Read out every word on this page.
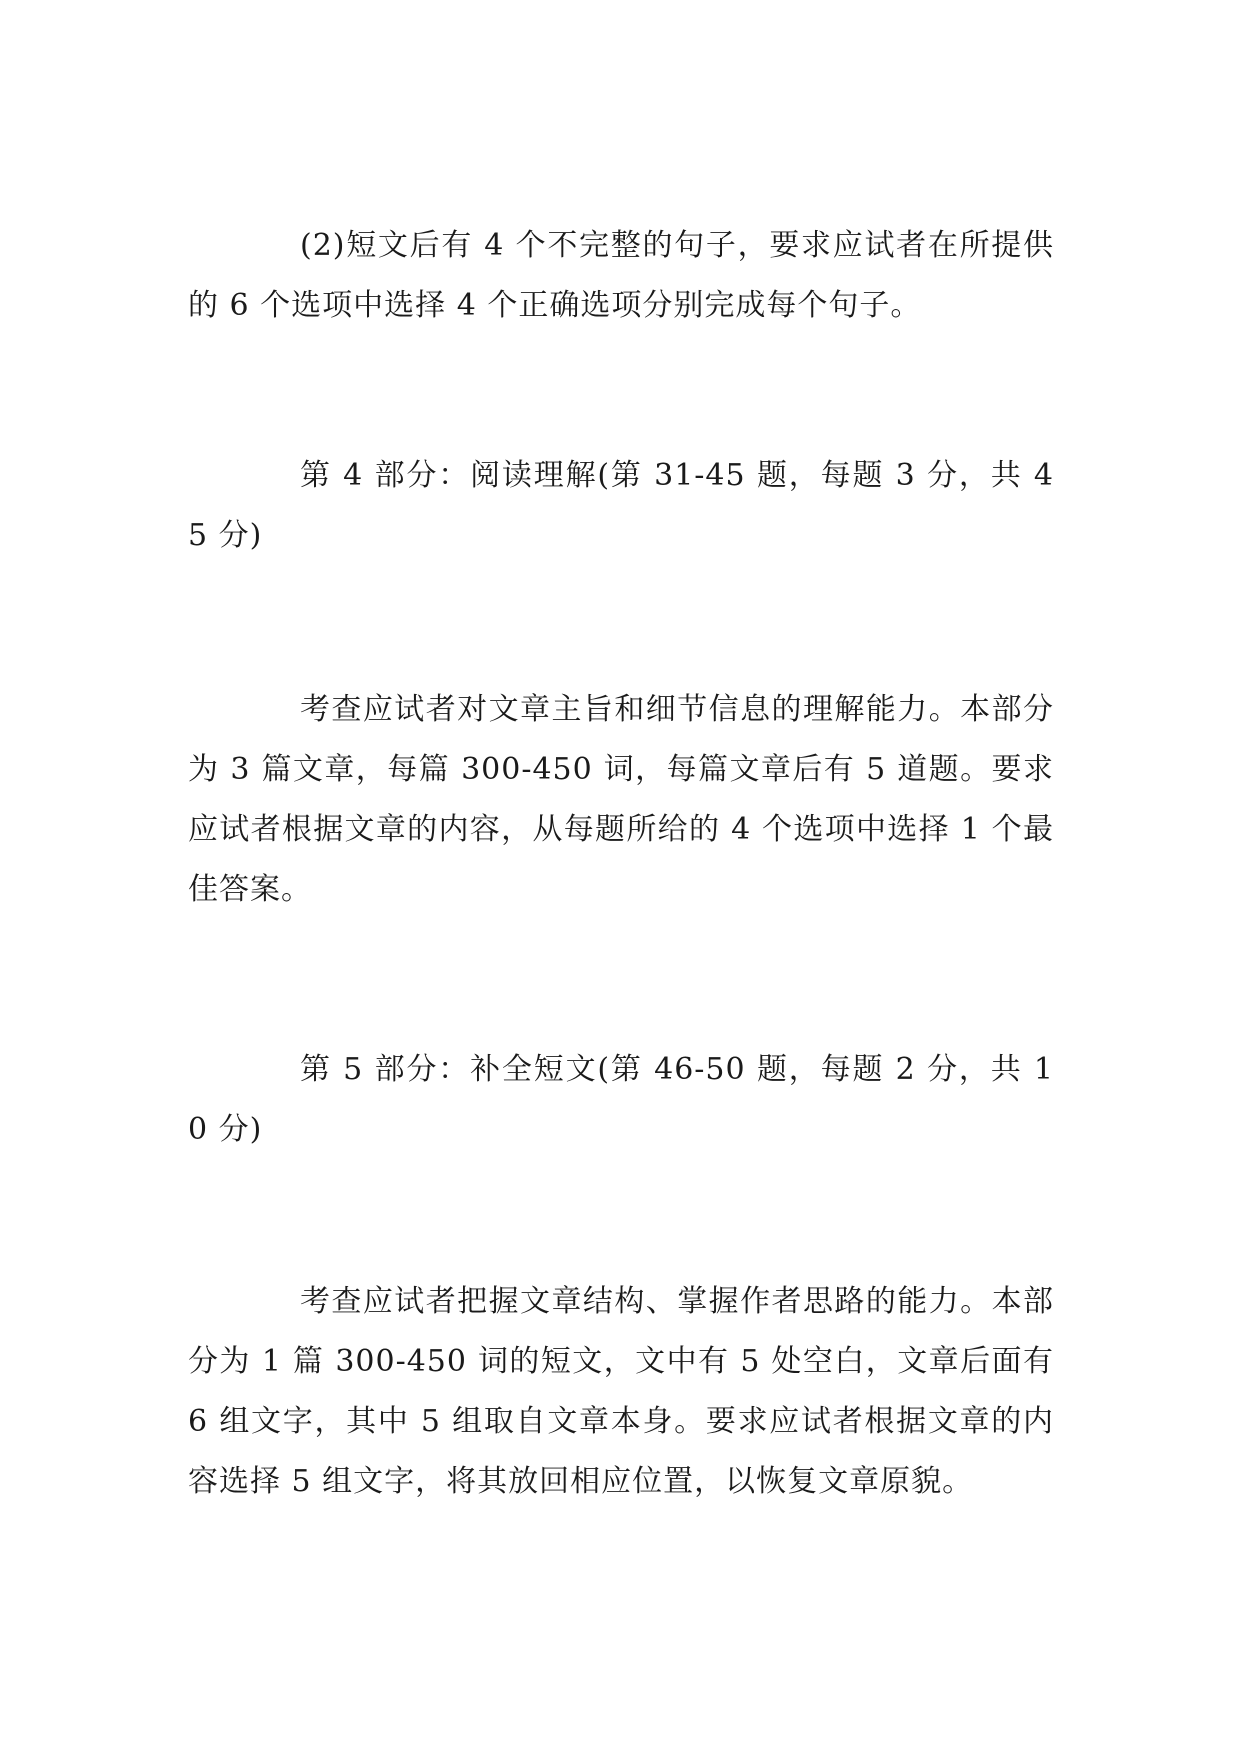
(2)短文后有 4 个不完整的句子，要求应试者在所提供的 6 个选项中选择 4 个正确选项分别完成每个句子。

第 4 部分：阅读理解(第 31-45 题，每题 3 分，共 45 分)

考查应试者对文章主旨和细节信息的理解能力。本部分为 3 篇文章，每篇 300-450 词，每篇文章后有 5 道题。要求应试者根据文章的内容，从每题所给的 4 个选项中选择 1 个最佳答案。

第 5 部分：补全短文(第 46-50 题，每题 2 分，共 10 分)

考查应试者把握文章结构、掌握作者思路的能力。本部分为 1 篇 300-450 词的短文，文中有 5 处空白，文章后面有 6 组文字，其中 5 组取自文章本身。要求应试者根据文章的内容选择 5 组文字，将其放回相应位置，以恢复文章原貌。
